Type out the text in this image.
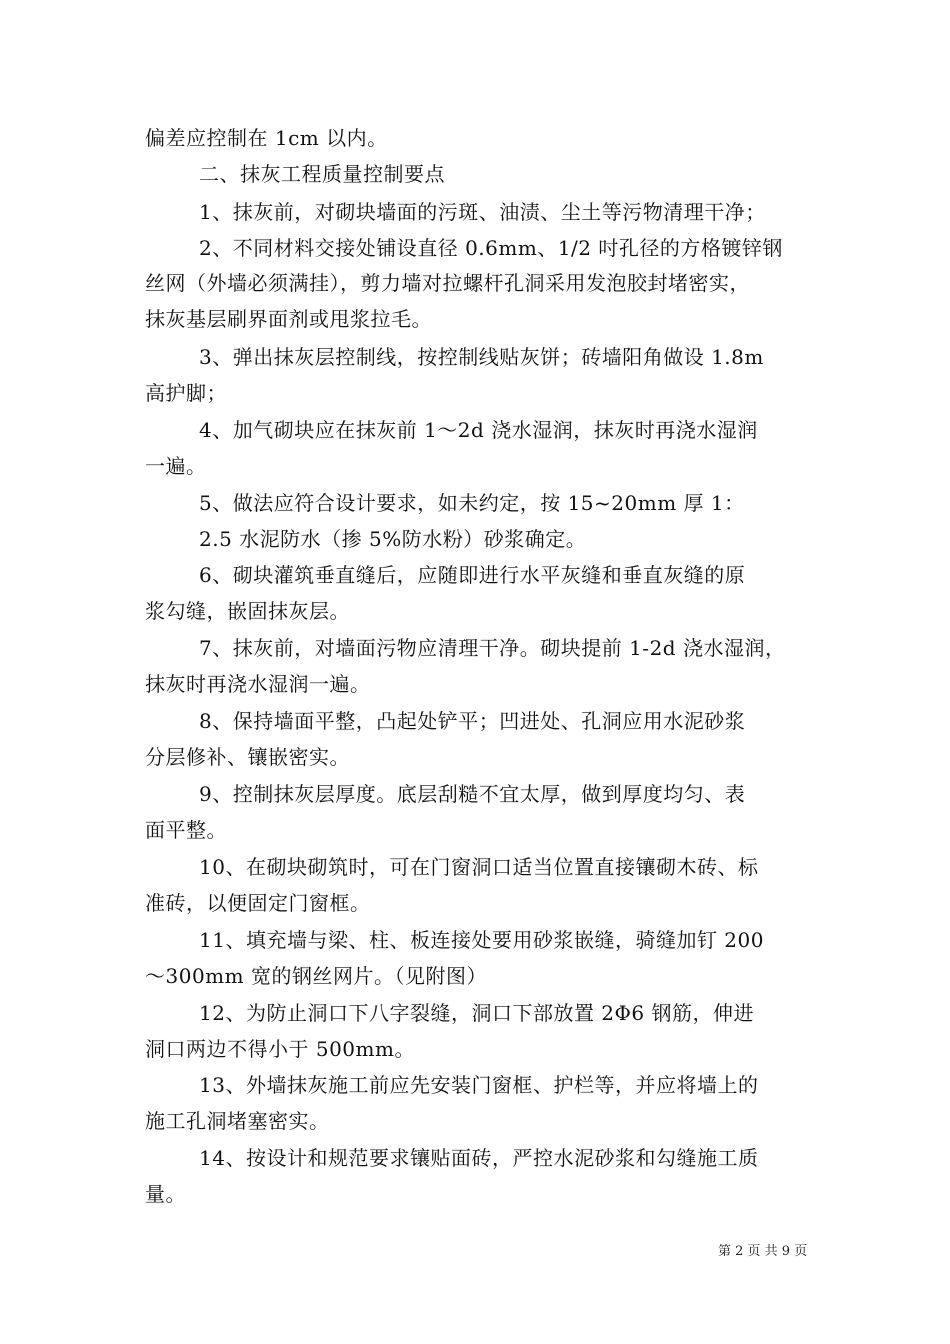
偏差应控制在 1cm 以内。
二、抹灰工程质量控制要点
1、抹灰前，对砌块墙面的污斑、油渍、尘土等污物清理干净；
2、不同材料交接处铺设直径 0.6mm、1/2 吋孔径的方格镀锌钢
丝网（外墙必须满挂），剪力墙对拉螺杆孔洞采用发泡胶封堵密实，
抹灰基层刷界面剂或甩浆拉毛。
3、弹出抹灰层控制线，按控制线贴灰饼；砖墙阳角做设 1.8m
高护脚；
4、加气砌块应在抹灰前 1～2d 浇水湿润，抹灰时再浇水湿润
一遍。
5、做法应符合设计要求，如未约定，按 15~20mm 厚 1：
2.5 水泥防水（掺 5%防水粉）砂浆确定。
6、砌块灌筑垂直缝后，应随即进行水平灰缝和垂直灰缝的原
浆勾缝，嵌固抹灰层。
7、抹灰前，对墙面污物应清理干净。砌块提前 1-2d 浇水湿润，
抹灰时再浇水湿润一遍。
8、保持墙面平整，凸起处铲平；凹进处、孔洞应用水泥砂浆
分层修补、镶嵌密实。
9、控制抹灰层厚度。底层刮糙不宜太厚，做到厚度均匀、表
面平整。
10、在砌块砌筑时，可在门窗洞口适当位置直接镶砌木砖、标
准砖，以便固定门窗框。
11、填充墙与梁、柱、板连接处要用砂浆嵌缝，骑缝加钉 200
～300mm 宽的钢丝网片。（见附图）
12、为防止洞口下八字裂缝，洞口下部放置 2Φ6 钢筋，伸进
洞口两边不得小于 500mm。
13、外墙抹灰施工前应先安装门窗框、护栏等，并应将墙上的
施工孔洞堵塞密实。
14、按设计和规范要求镶贴面砖，严控水泥砂浆和勾缝施工质
量。
第 2 页 共 9 页
